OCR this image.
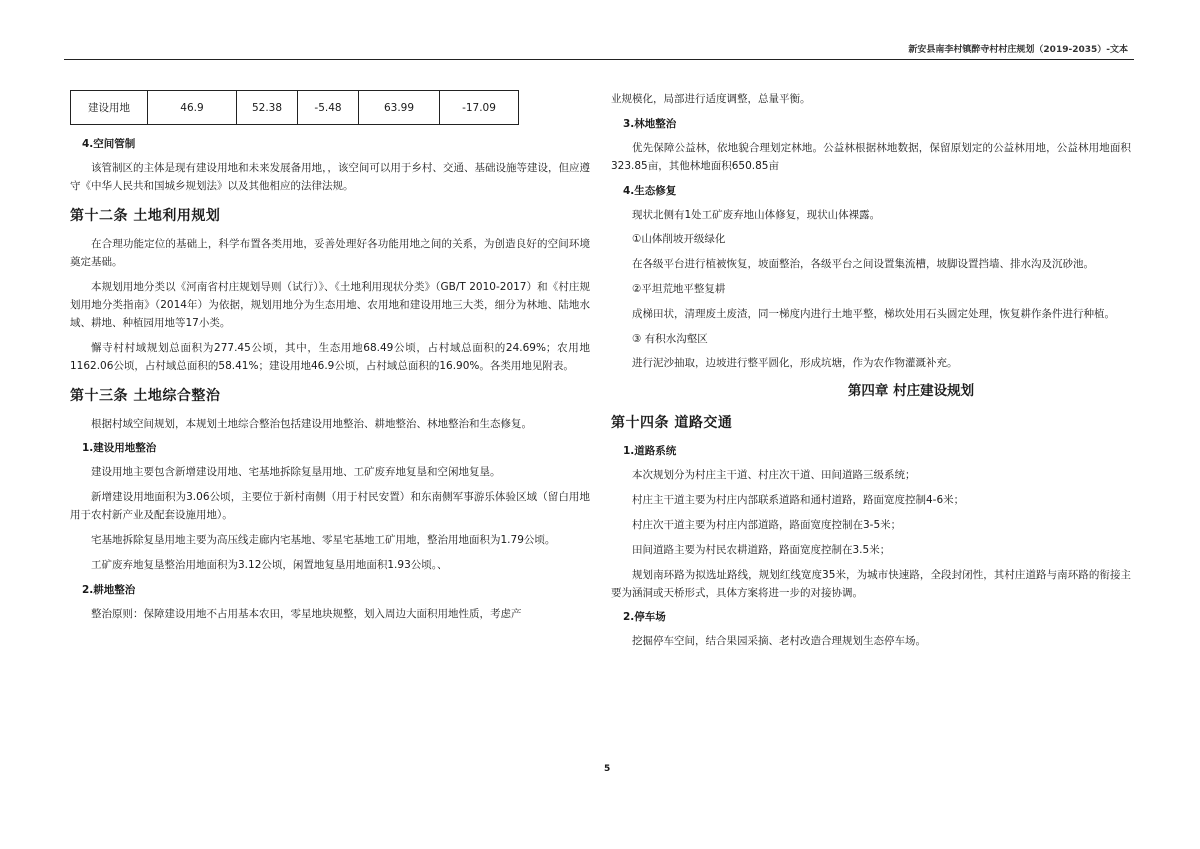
新安县南李村镇醉寺村村庄规划（2019-2035）-文本
建设用地	46.9	52.38	-5.48	63.99	-17.09
4.空间管制

该管制区的主体是现有建设用地和未来发展备用地，，该空间可以用于乡村、交通、基础设施等建设，但应遵守《中华人民共和国城乡规划法》以及其他相应的法律法规。

第十二条 土地利用规划

在合理功能定位的基础上，科学布置各类用地，妥善处理好各功能用地之间的关系，为创造良好的空间环境奠定基础。

本规划用地分类以《河南省村庄规划导则（试行）》、《土地利用现状分类》（GB/T 2010-2017）和《村庄规划用地分类指南》（2014年）为依据，规划用地分为生态用地、农用地和建设用地三大类，细分为林地、陆地水域、耕地、种植园用地等17小类。

懈寺村村域规划总面积为277.45公顷，其中，生态用地68.49公顷，占村域总面积的24.69%；农用地1162.06公顷，占村域总面积的58.41%；建设用地46.9公顷，占村域总面积的16.90%。各类用地见附表。

第十三条 土地综合整治

根据村域空间规划，本规划土地综合整治包括建设用地整治、耕地整治、林地整治和生态修复。

1.建设用地整治

建设用地主要包含新增建设用地、宅基地拆除复垦用地、工矿废弃地复垦和空闲地复垦。

新增建设用地面积为3.06公顷，主要位于新村南侧（用于村民安置）和东南侧军事游乐体验区域（留白用地用于农村新产业及配套设施用地）。

宅基地拆除复垦用地主要为高压线走廊内宅基地、零星宅基地工矿用地，整治用地面积为1.79公顷。

工矿废弃地复垦整治用地面积为3.12公顷，闲置地复垦用地面积1.93公顷。、

2.耕地整治

整治原则：保障建设用地不占用基本农田，零星地块规整，划入周边大面积用地性质，考虑产

业规模化，局部进行适度调整，总量平衡。

3.林地整治

优先保障公益林，依地貌合理划定林地。公益林根据林地数据，保留原划定的公益林用地，公益林用地面积323.85亩，其他林地面积650.85亩

4.生态修复

现状北侧有1处工矿废弃地山体修复，现状山体裸露。

①山体削坡开级绿化

在各级平台进行植被恢复，坡面整治，各级平台之间设置集流槽，坡脚设置挡墙、排水沟及沉砂池。

②平坦荒地平整复耕

成梯田状，清理废土废渣，同一梯度内进行土地平整，梯坎处用石头圆定处理，恢复耕作条件进行种植。

③ 有积水沟壑区

进行泥沙抽取，边坡进行整平圆化，形成坑塘，作为农作物灌溉补充。

第四章 村庄建设规划
第十四条 道路交通
1.道路系统

本次规划分为村庄主干道、村庄次干道、田间道路三级系统；

村庄主干道主要为村庄内部联系道路和通村道路，路面宽度控制4-6米；

村庄次干道主要为村庄内部道路，路面宽度控制在3-5米；

田间道路主要为村民农耕道路，路面宽度控制在3.5米；

规划南环路为拟选址路线，规划红线宽度35米，为城市快速路，全段封闭性，其村庄道路与南环路的衔接主要为涵洞或天桥形式，具体方案将进一步的对接协调。

2.停车场

挖掘停车空间，结合果园采摘、老村改造合理规划生态停车场。

5
